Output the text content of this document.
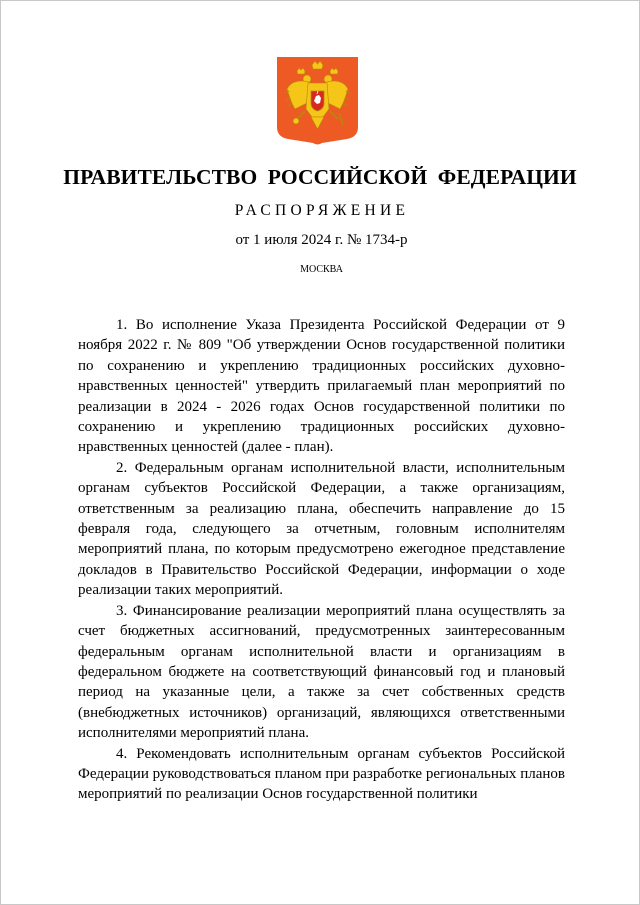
ПРАВИТЕЛЬСТВО РОССИЙСКОЙ ФЕДЕРАЦИИ
РАСПОРЯЖЕНИЕ
от 1 июля 2024 г. № 1734-р
МОСКВА

1. Во исполнение Указа Президента Российской Федерации от 9 ноября 2022 г. № 809 "Об утверждении Основ государственной политики по сохранению и укреплению традиционных российских духовно-нравственных ценностей" утвердить прилагаемый план мероприятий по реализации в 2024 - 2026 годах Основ государственной политики по сохранению и укреплению традиционных российских духовно-нравственных ценностей (далее - план).

2. Федеральным органам исполнительной власти, исполнительным органам субъектов Российской Федерации, а также организациям, ответственным за реализацию плана, обеспечить направление до 15 февраля года, следующего за отчетным, головным исполнителям мероприятий плана, по которым предусмотрено ежегодное представление докладов в Правительство Российской Федерации, информации о ходе реализации таких мероприятий.

3. Финансирование реализации мероприятий плана осуществлять за счет бюджетных ассигнований, предусмотренных заинтересованным федеральным органам исполнительной власти и организациям в федеральном бюджете на соответствующий финансовый год и плановый период на указанные цели, а также за счет собственных средств (внебюджетных источников) организаций, являющихся ответственными исполнителями мероприятий плана.

4. Рекомендовать исполнительным органам субъектов Российской Федерации руководствоваться планом при разработке региональных планов мероприятий по реализации Основ государственной политики
